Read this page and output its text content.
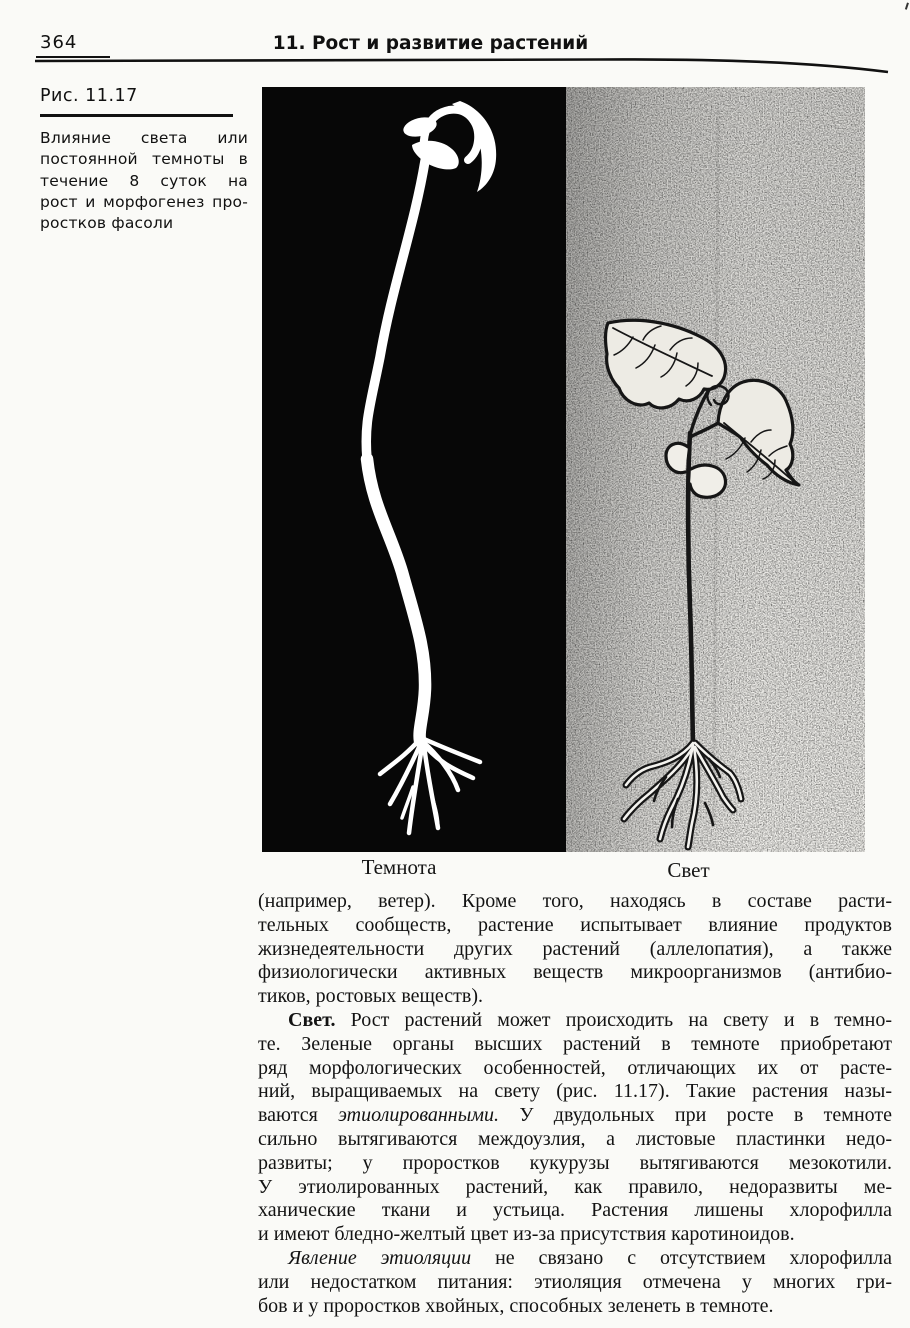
364	11. Рост и развитие растений
Рис. 11.17
Влияние света или
постоянной темноты в
течение 8 суток на
рост и морфогенез про-
ростков фасоли
Темнота	Свет
(например, ветер). Кроме того, находясь в составе расти-
тельных сообществ, растение испытывает влияние продуктов
жизнедеятельности других растений (аллелопатия), а также
физиологически активных веществ микроорганизмов (антибио-
тиков, ростовых веществ).
Свет. Рост растений может происходить на свету и в темно-
те. Зеленые органы высших растений в темноте приобретают
ряд морфологических особенностей, отличающих их от расте-
ний, выращиваемых на свету (рис. 11.17). Такие растения назы-
ваются этиолированными. У двудольных при росте в темноте
сильно вытягиваются междоузлия, а листовые пластинки недо-
развиты; у проростков кукурузы вытягиваются мезокотили.
У этиолированных растений, как правило, недоразвиты ме-
ханические ткани и устьица. Растения лишены хлорофилла
и имеют бледно-желтый цвет из-за присутствия каротиноидов.
Явление этиоляции не связано с отсутствием хлорофилла
или недостатком питания: этиоляция отмечена у многих гри-
бов и у проростков хвойных, способных зеленеть в темноте.
